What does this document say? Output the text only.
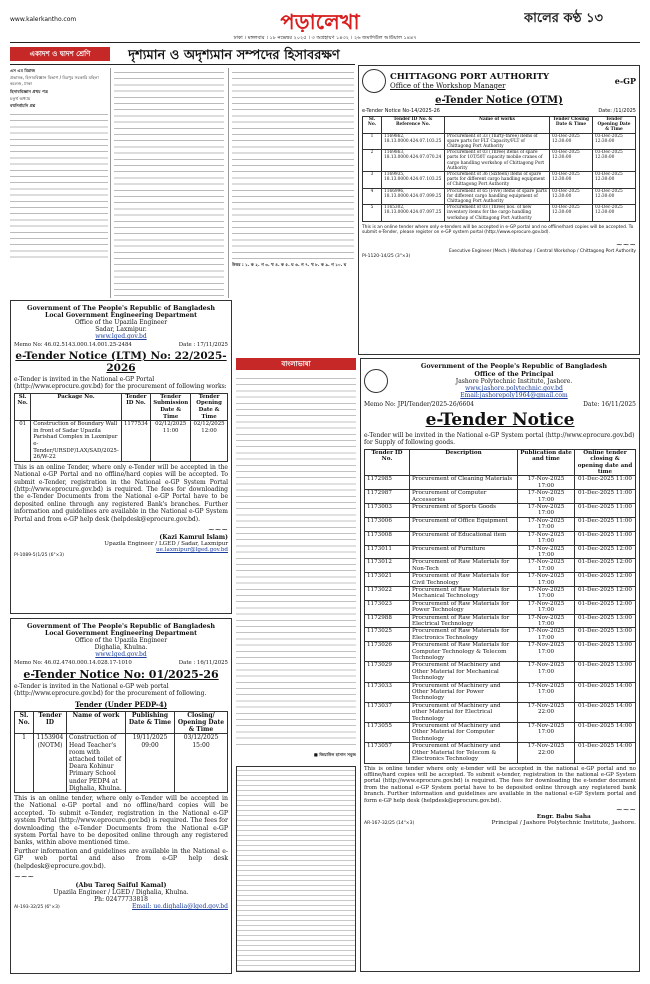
www.kalerkantho.com	পড়ালেখা	কালের কণ্ঠ ১৩
ঢাকা । মঙ্গলবার । ১৮ নভেম্বর ২০২৫ । ৩ অগ্রহায়ণ ১৪৩২ । ২৬ জমাদিউল আউয়াল ১৪৪৭
একাদশ ও দ্বাদশ শ্রেণি	দৃশ্যমান ও অদৃশ্যমান সম্পদের হিসাবরক্ষণ

এস এম মিরাজ

প্রভাষক, হিসাববিজ্ঞান বিভাগ / মিরপুর সরকারি মহিলা কলেজ, ঢাকা

হিসাববিজ্ঞান প্রথম পত্র

চতুর্থ অধ্যায়

বহুনির্বাচনি প্রশ্ন

উত্তর : ১. ক ২. গ ৩. খ ৪. ক ৫. ঘ ৬. গ ৭. খ ৮. ক ৯. গ ১০. ঘ
CHITTAGONG PORT AUTHORITY
Office of the Workshop Manager	e-GP
e-Tender Notice (OTM)
e-Tender Notice No-14/2025-26	Date: /11/2025
Sl. No.	Tender ID No. & Reference No.	Name of works	Tender Closing Date & Time	Tender Opening Date & Time
1	1169862, 18.13.0000.424.07.103.25	Procurement of 33 (Thirty-three) items of spare parts for FLT Capacity/FLT of Chittagong Port Authority	03-Dec-2025 12:30:00	03-Dec-2025 12:30:00
2	1169863, 18.13.0000.424.07.070.24	Procurement of 03 (Three) items of spare parts for 10T/50T capacity mobile cranes of cargo handling workshop of Chittagong Port Authority	03-Dec-2025 12:30:00	03-Dec-2025 12:30:00
3	1169935, 18.13.0000.424.07.103.25	Procurement of 36 (Sixteen) items of spare parts for different cargo handling equipment of Chittagong Port Authority	03-Dec-2025 12:30:00	03-Dec-2025 12:30:00
4	1166996, 18.13.0000.424.07.099.25	Procurement of 65 (Five) items of spare parts for different cargo handling equipment of Chittagong Port Authority	03-Dec-2025 12:30:00	03-Dec-2025 12:30:00
5	1165302, 18.13.0000.424.07.097.25	Procurement of 03 (Three) nos. of new inventory items for the cargo handling workshop of Chittagong Port Authority	03-Dec-2025 12:30:00	03-Dec-2025 12:30:00
This is an online tender where only e-tenders will be accepted in e-GP portal and no offline/hard copies will be accepted. To submit e-Tender, please register on e-GP system portal (http://www.eprocure.gov.bd).
~~~
Executive Engineer (Mech.)-Workshop / Central Workshop / Chittagong Port Authority
PI-1120-14/25 (3"×3)
Government of The People's Republic of Bangladesh
Local Government Engineering Department
Office of the Upazila Engineer
Sadar, Laxmipur.
www.lged.gov.bd
Memo No: 46.02.5143.000.14.001.25-2484	Date : 17/11/2025
e-Tender Notice (LTM) No: 22/2025-2026
e-Tender is invited in the National e-GP Portal (http://www.eprocure.gov.bd) for the procurement of following works:
Sl. No.	Package No.	Tender ID No.	Tender Submission Date & Time	Tender Opening Date & Time
01	Construction of Boundary Wall in front of Sadar Upazila Parishad Complex in Laxmipur e-Tender/URSDF/LAX/SAD/2025-26/W-22	1177534	02/12/2025 11:00	02/12/2025 12:00
This is an online Tender, where only e-Tender will be accepted in the National e-GP Portal and no offline/hard copies will be accepted. To submit e-Tender, registration in the National e-GP System Portal (http://www.eprocure.gov.bd) is required. The fees for downloading the e-Tender Documents from the National e-GP Portal have to be deposited online through any registered Bank's branches. Further information and guidelines are available in the National e-GP System Portal and from e-GP help desk (helpdesk@eprocure.gov.bd).
~~~
(Kazi Kamrul Islam)
Upazila Engineer / LGED / Sadar, Laxmipur
ue.laxmipur@lged.gov.bd
PI-1089-5(1/25 (6"×3)
বাংলাভাষা
■ জিয়াউল হাসান সবুজ
Government of The People's Republic of Bangladesh
Local Government Engineering Department
Office of the Upazila Engineer
Dighalia, Khulna.
www.lged.gov.bd
Memo No: 46.02.4740.000.14.028.17-1010	Date : 16/11/2025
e-Tender Notice No: 01/2025-26
e-Tender is invited in the National e-GP web portal (http://www.eprocure.gov.bd) for the procurement of following.
Tender (Under PEDP-4)
Sl. No.	Tender ID	Name of work	Publishing Date & Time	Closing/ Opening Date & Time
1	1153904 (NOTM)	Construction of Head Teacher's room with attached toilet of Deara Kohinur Primary School under PEDP4 at Dighalia, Khulna.	19/11/2025 09:00	03/12/2025 15:00
This is an online tender, where only e-Tender will be accepted in the National e-GP portal and no offline/hard copies will be accepted. To submit e-Tender, registration in the National e-GP system Portal (http://www.eprocure.gov.bd) is required. The fees for downloading the e-Tender Documents from the National e-GP system Portal have to be deposited online through any registered banks, within above mentioned time.
Further information and guidelines are available in the National e-GP web portal and also from e-GP help desk (helpdesk@eprocure.gov.bd).
~~~
(Abu Tareq Saiful Kamal)
Upazila Engineer / LGED / Dighalia, Khulna.
Ph: 02477733818
AI-193-32/25 (6"×3)	Email: ue.dighalia@lged.gov.bd
Government of the People's Republic of Bangladesh
Office of the Principal
Jashore Polytechnic Institute, Jashore.
www.jashore.polytechnic.gov.bd
Email:jashorepoly1964@gmail.com
Memo No: JPI/Tender/2025-26/6604	Date: 16/11/2025
e-Tender Notice
e-Tender will be invited in the National e-GP System portal (http://www.eprocure.gov.bd) for Supply of following goods.
Tender ID No.	Description	Publication date and time	Online tender closing & opening date and time
1172985	Procurement of Cleaning Materials	17-Nov-2025 17:00	01-Dec-2025 11:00
1172987	Procurement of Computer Accessories	17-Nov-2025 17:00	01-Dec-2025 11:00
1173003	Procurement of Sports Goods	17-Nov-2025 17:00	01-Dec-2025 11:00
1173006	Procurement of Office Equipment	17-Nov-2025 17:00	01-Dec-2025 11:00
1173008	Procurement of Educational item	17-Nov-2025 17:00	01-Dec-2025 11:00
1173011	Procurement of Furniture	17-Nov-2025 17:00	01-Dec-2025 12:00
1173012	Procurement of Raw Materials for Non-Tech	17-Nov-2025 17:00	01-Dec-2025 12:00
1173021	Procurement of Raw Materials for Civil Technology	17-Nov-2025 17:00	01-Dec-2025 12:00
1173022	Procurement of Raw Materials for Mechanical Technology	17-Nov-2025 17:00	01-Dec-2025 12:00
1173023	Procurement of Raw Materials for Power Technology	17-Nov-2025 17:00	01-Dec-2025 12:00
1172988	Procurement of Raw Materials for Electrical Technology	17-Nov-2025 17:00	01-Dec-2025 13:00
1173025	Procurement of Raw Materials for Electronics Technology	17-Nov-2025 17:00	01-Dec-2025 13:00
1173026	Procurement of Raw Materials for Computer Technology & Telecom Technology	17-Nov-2025 17:00	01-Dec-2025 13:00
1173029	Procurement of Machinery and Other Material for Mechanical Technology	17-Nov-2025 17:00	01-Dec-2025 13:00
1173033	Procurement of Machinery and Other Material for Power Technology	17-Nov-2025 17:00	01-Dec-2025 14:00
1173037	Procurement of Machinery and other Material for Electrical Technology	17-Nov-2025 22:00	01-Dec-2025 14:00
1173055	Procurement of Machinery and Other Material for Computer Technology	17-Nov-2025 17:00	01-Dec-2025 14:00
1173057	Procurement of Machinery and Other Material for Telecom & Electronics Technology	17-Nov-2025 22:00	01-Dec-2025 14:00
This is online tender where only e-tender will be accepted in the national e-GP portal and no offline/hard copies will be accepted. To submit e-tender, registration in the national e-GP System portal (http://www.eprocure.gov.bd) is required. The fees for downloading the e-tender document from the national e-GP System portal have to be deposited online through any registered bank branch. Further information and guidelines are available in the national e-GP System portal and form e-GP help desk (helpdesk@eprocure.gov.bd).
~~~
AR-167-32/25 (14"×3)
Engr. Babu Saha
Principal / Jashore Polytechnic Institute, Jashore.
